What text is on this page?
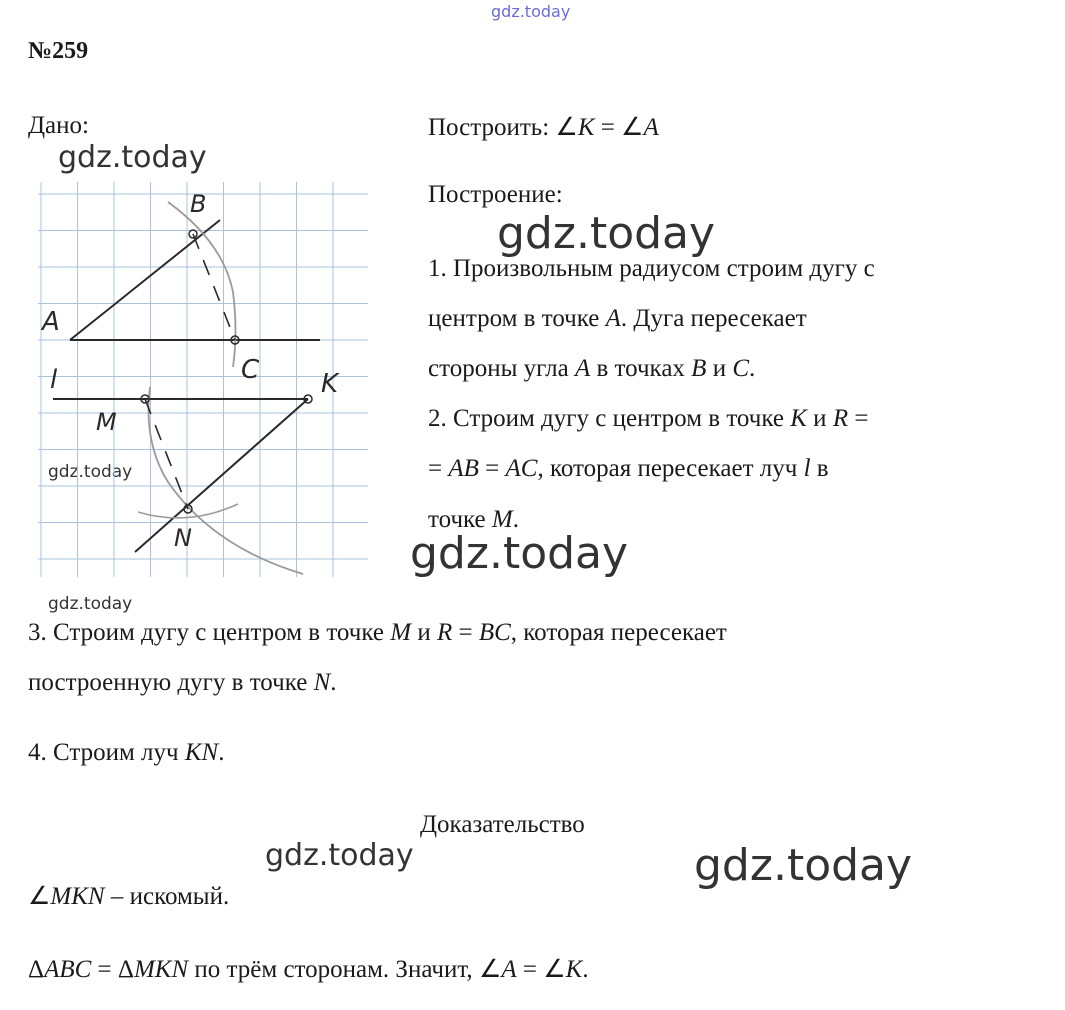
gdz.today
gdz.today
gdz.today
gdz.today
gdz.today
gdz.today
gdz.today	gdz.today
№259
Дано:	Построить: ∠К = ∠А
Построение:
1. Произвольным радиусом строим дугу с
центром в точке A. Дуга пересекает
стороны угла A в точках B и C.
2. Строим дугу с центром в точке K и R =
= AB = AC, которая пересекает луч l в
точке M.
3. Строим дугу с центром в точке M и R = BC, которая пересекает
построенную дугу в точке N.
4. Строим луч KN.
Доказательство
∠MKN – искомый.
ΔABC = ΔMKN по трём сторонам. Значит, ∠A = ∠K.
A
B
C
l	K
M
N
